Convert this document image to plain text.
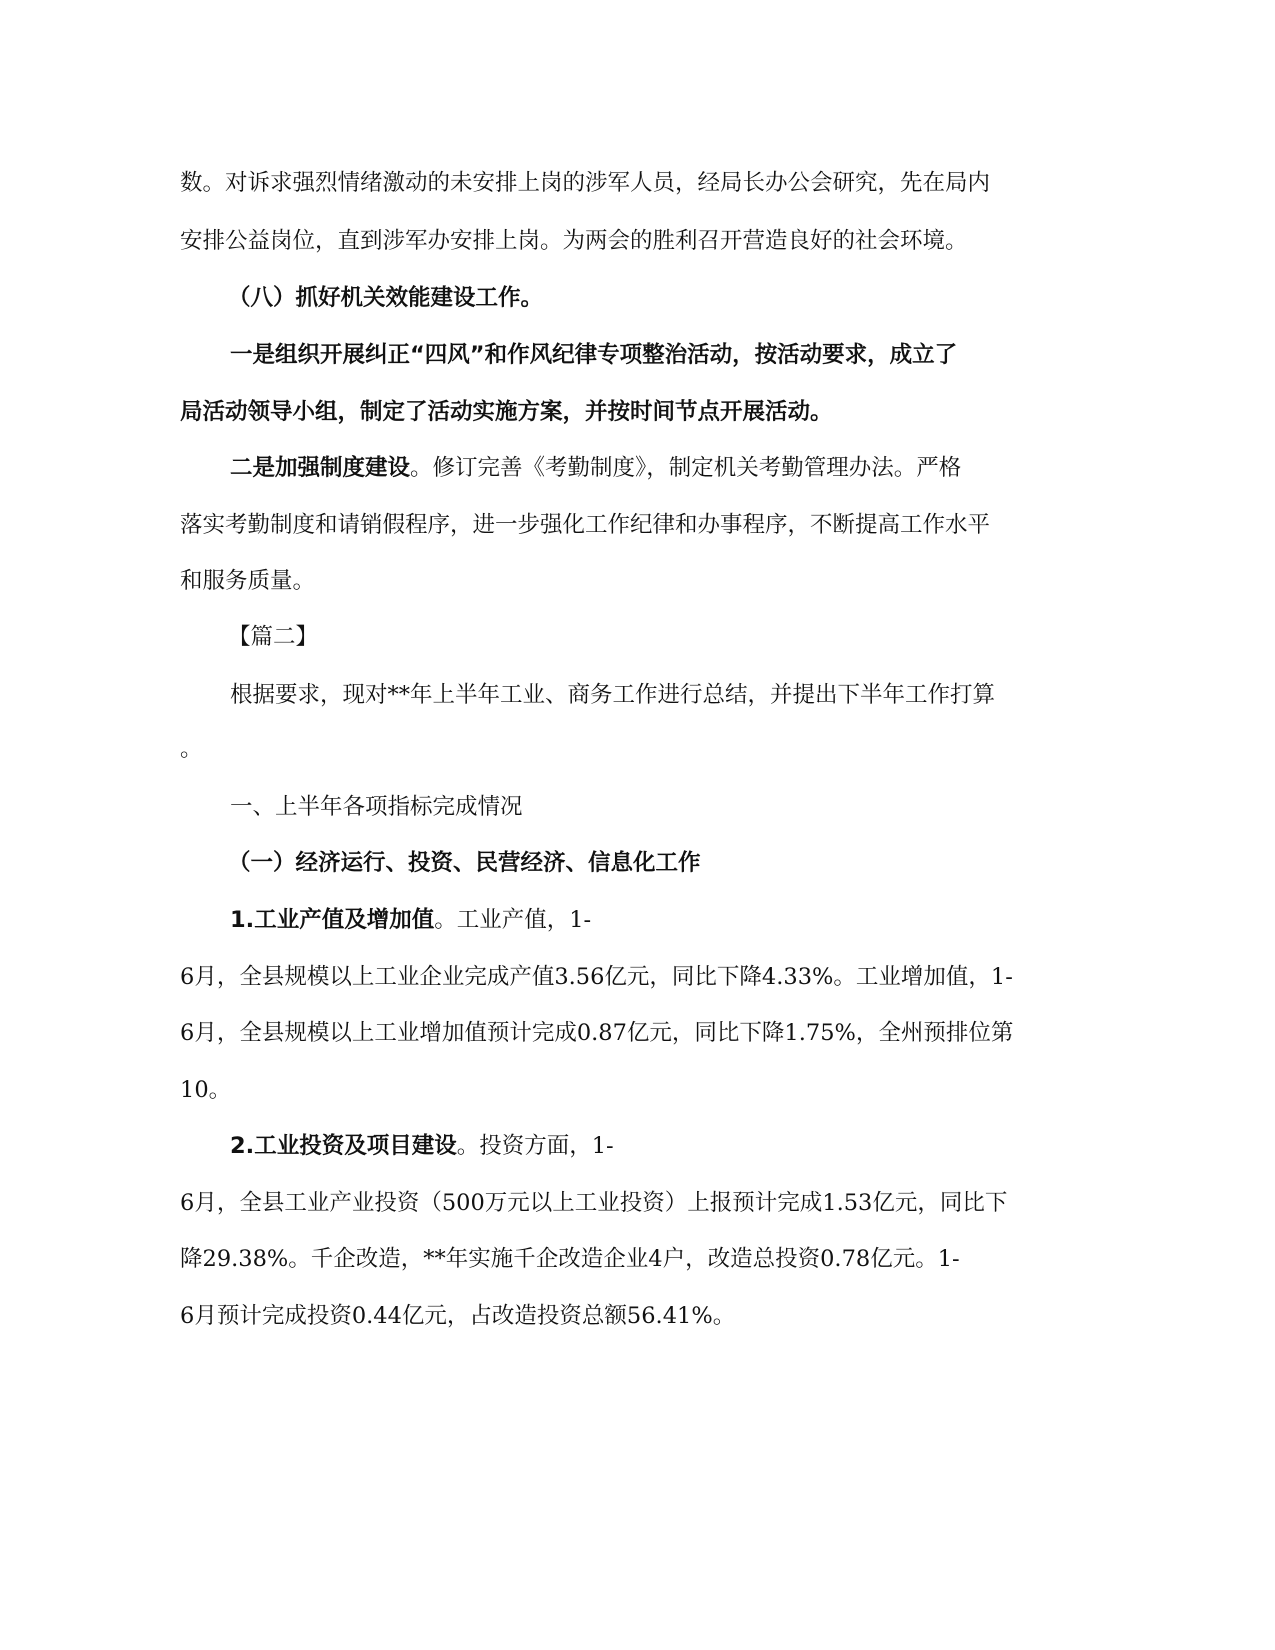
数。对诉求强烈情绪激动的未安排上岗的涉军人员，经局长办公会研究，先在局内
安排公益岗位，直到涉军办安排上岗。为两会的胜利召开营造良好的社会环境。
（八）抓好机关效能建设工作。
一是组织开展纠正“四风”和作风纪律专项整治活动，按活动要求，成立了
局活动领导小组，制定了活动实施方案，并按时间节点开展活动。
二是加强制度建设。修订完善《考勤制度》，制定机关考勤管理办法。严格
落实考勤制度和请销假程序，进一步强化工作纪律和办事程序，不断提高工作水平
和服务质量。
【篇二】
根据要求，现对**年上半年工业、商务工作进行总结，并提出下半年工作打算
。
一、上半年各项指标完成情况
（一）经济运行、投资、民营经济、信息化工作
1.工业产值及增加值。工业产值，1-
6月，全县规模以上工业企业完成产值3.56亿元，同比下降4.33%。工业增加值，1-
6月，全县规模以上工业增加值预计完成0.87亿元，同比下降1.75%，全州预排位第
10。
2.工业投资及项目建设。投资方面，1-
6月，全县工业产业投资（500万元以上工业投资）上报预计完成1.53亿元，同比下
降29.38%。千企改造，**年实施千企改造企业4户，改造总投资0.78亿元。1-
6月预计完成投资0.44亿元，占改造投资总额56.41%。
